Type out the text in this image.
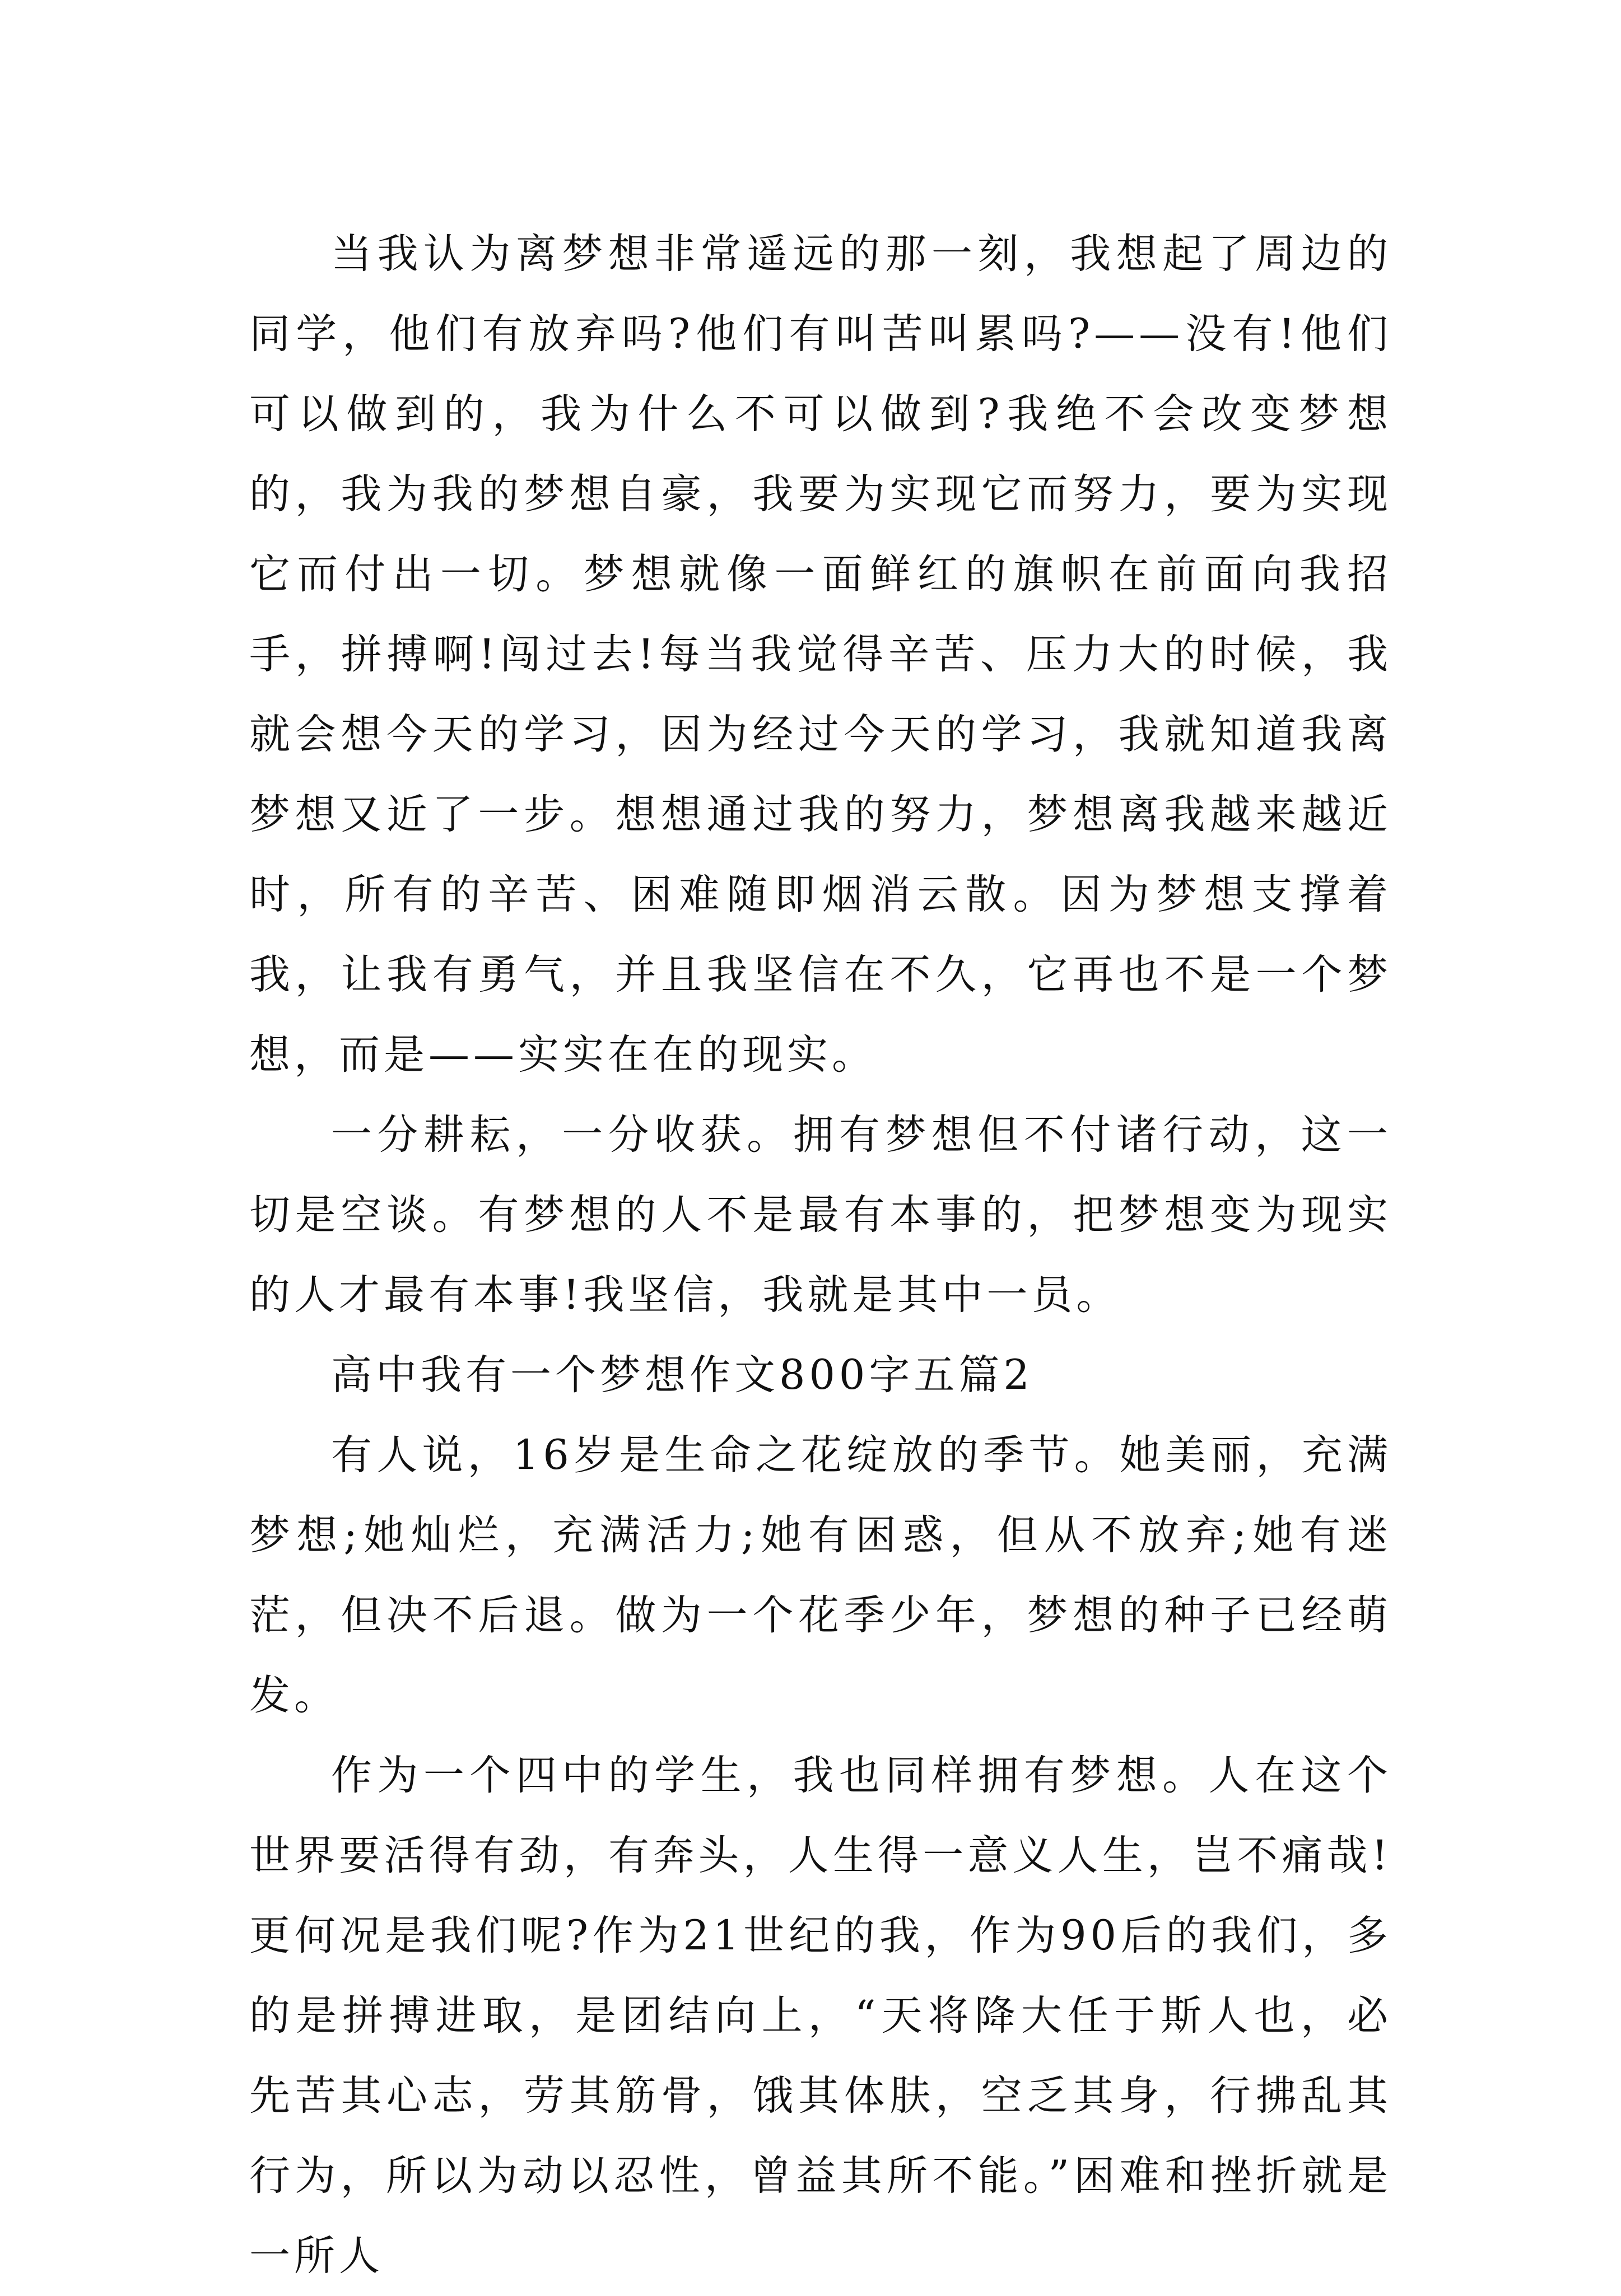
当我认为离梦想非常遥远的那一刻，我想起了周边的同学，他们有放弃吗?他们有叫苦叫累吗?——没有!他们可以做到的，我为什么不可以做到?我绝不会改变梦想的，我为我的梦想自豪，我要为实现它而努力，要为实现它而付出一切。梦想就像一面鲜红的旗帜在前面向我招手，拼搏啊!闯过去!每当我觉得辛苦、压力大的时候，我就会想今天的学习，因为经过今天的学习，我就知道我离梦想又近了一步。想想通过我的努力，梦想离我越来越近时，所有的辛苦、困难随即烟消云散。因为梦想支撑着我，让我有勇气，并且我坚信在不久，它再也不是一个梦想，而是——实实在在的现实。

一分耕耘，一分收获。拥有梦想但不付诸行动，这一切是空谈。有梦想的人不是最有本事的，把梦想变为现实的人才最有本事!我坚信，我就是其中一员。

高中我有一个梦想作文800字五篇2

有人说，16岁是生命之花绽放的季节。她美丽，充满梦想;她灿烂，充满活力;她有困惑，但从不放弃;她有迷茫，但决不后退。做为一个花季少年，梦想的种子已经萌发。

作为一个四中的学生，我也同样拥有梦想。人在这个世界要活得有劲，有奔头，人生得一意义人生，岂不痛哉!更何况是我们呢?作为21世纪的我，作为90后的我们，多的是拼搏进取，是团结向上，“天将降大任于斯人也，必先苦其心志，劳其筋骨，饿其体肤，空乏其身，行拂乱其行为，所以为动以忍性，曾益其所不能。”困难和挫折就是一所人
